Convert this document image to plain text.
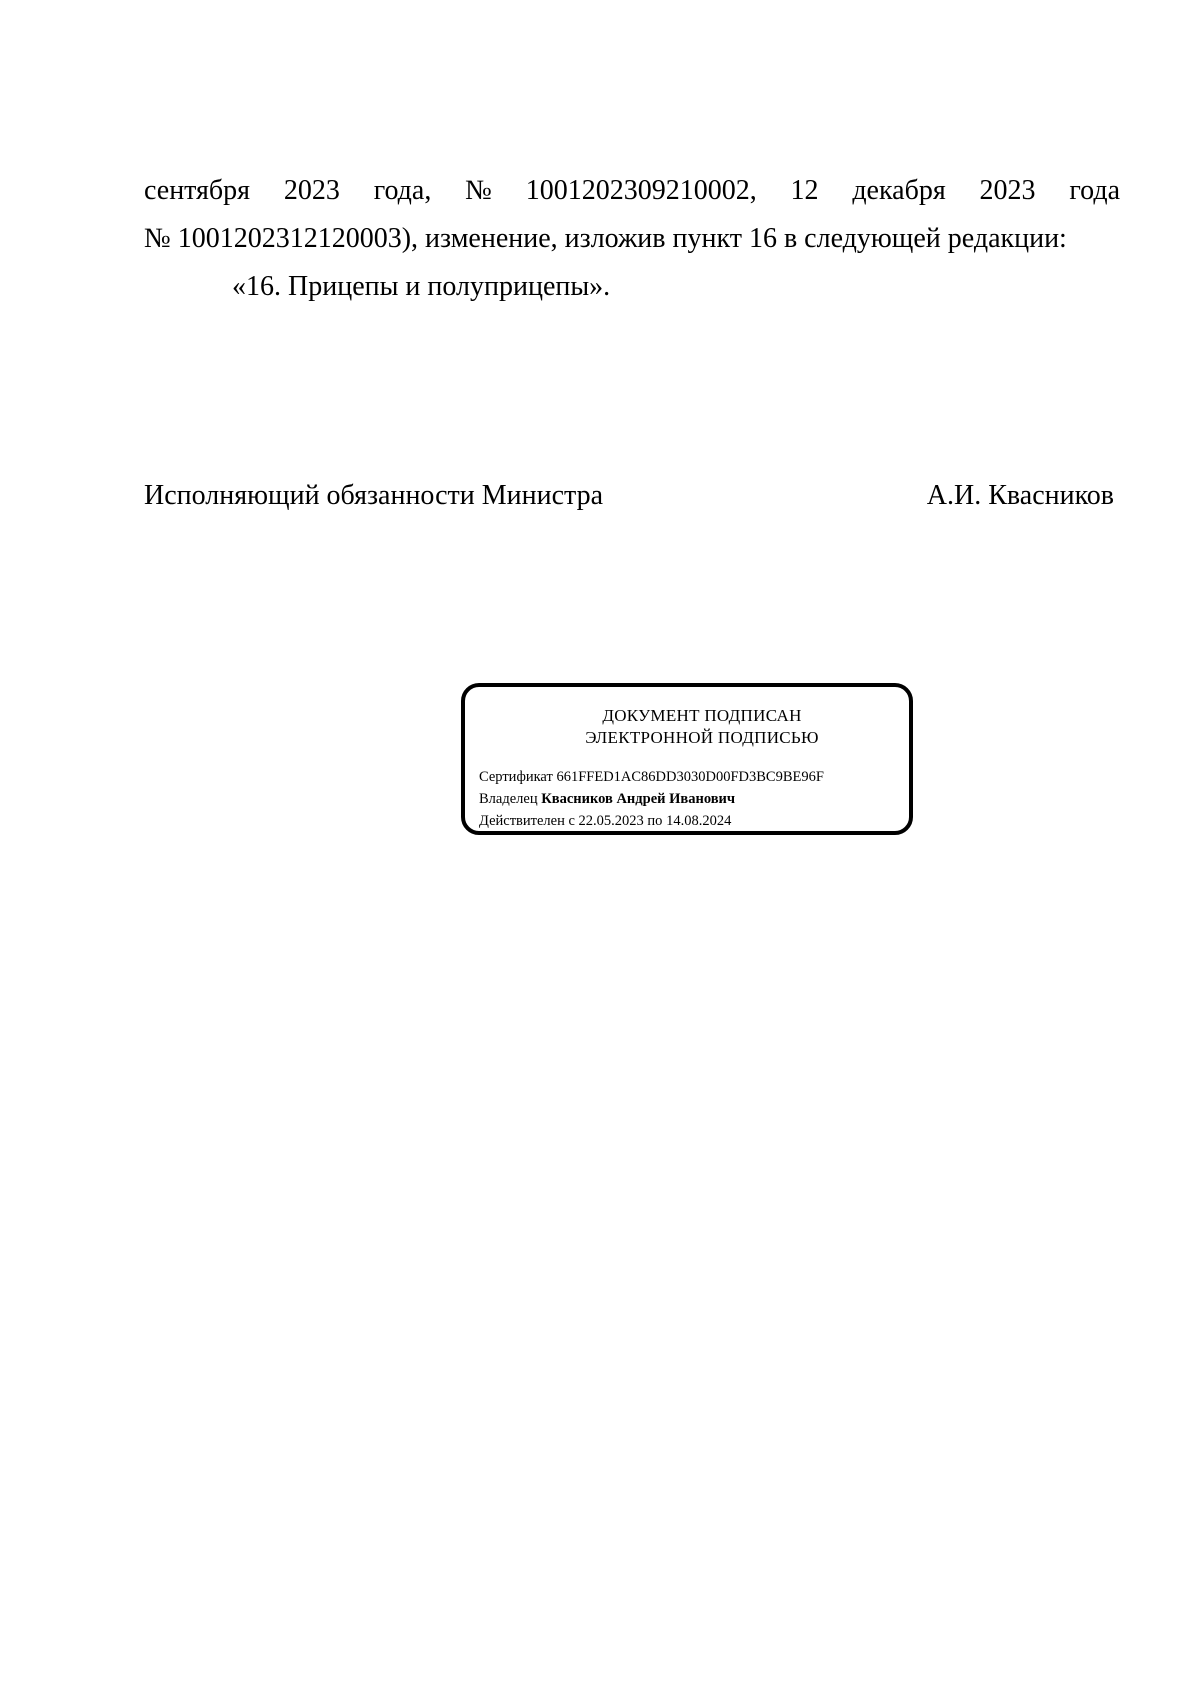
сентября 2023 года, № 1001202309210002, 12 декабря 2023 года
№ 1001202312120003), изменение, изложив пункт 16 в следующей редакции:
«16. Прицепы и полуприцепы».
Исполняющий обязанности Министра	А.И. Квасников
ДОКУМЕНТ ПОДПИСАН
ЭЛЕКТРОННОЙ ПОДПИСЬЮ
Сертификат 661FFED1AC86DD3030D00FD3BC9BE96F
Владелец Квасников Андрей Иванович
Действителен с 22.05.2023 по 14.08.2024
